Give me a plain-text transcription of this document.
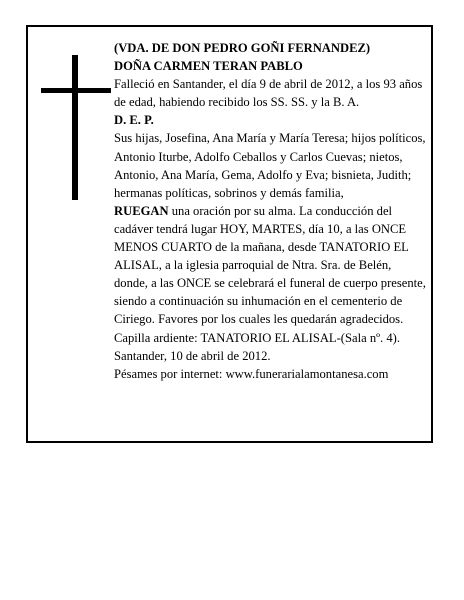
(VDA. DE DON PEDRO GOÑI FERNANDEZ)

DOÑA CARMEN TERAN PABLO

Falleció en Santander, el día 9 de abril de 2012, a los 93 años de edad, habiendo recibido los SS. SS. y la B. A.

D. E. P.

Sus hijas, Josefina, Ana María y María Teresa; hijos políticos, Antonio Iturbe, Adolfo Ceballos y Carlos Cuevas; nietos, Antonio, Ana María, Gema, Adolfo y Eva; bisnieta, Judith; hermanas políticas, sobrinos y demás familia,

RUEGAN una oración por su alma. La conducción del cadáver tendrá lugar HOY, MARTES, día 10, a las ONCE MENOS CUARTO de la mañana, desde TANATORIO EL ALISAL, a la iglesia parroquial de Ntra. Sra. de Belén, donde, a las ONCE se celebrará el funeral de cuerpo presente, siendo a continuación su inhumación en el cementerio de Ciriego. Favores por los cuales les quedarán agradecidos. Capilla ardiente: TANATORIO EL ALISAL-(Sala nº. 4).

Santander, 10 de abril de 2012.

Pésames por internet: www.funerarialamontanesa.com
